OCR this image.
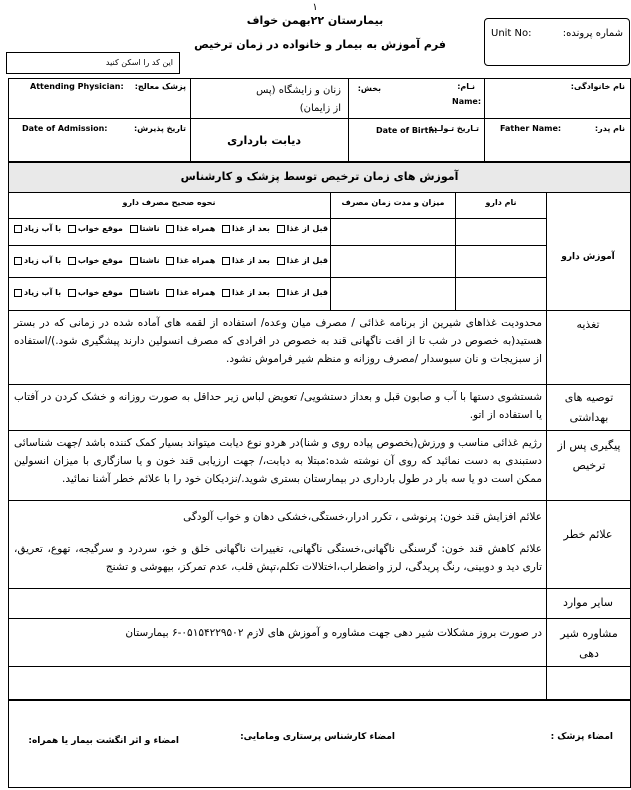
۱
بیمارستان ۲۲بهمن خواف
فرم آموزش به بیمار و خانواده در زمان ترخیص
Unit No:	شماره پرونده:
این کد را اسکن کنید
نام خانوادگی:
نـام:
Name:
بخش:
زنان و زایشگاه (پس از زایمان)
پزشک معالج:
Attending Physician:
نام پدر:
Father Name:
تـاریخ تـولـد:
Date of Birth:
دیابت بارداری
تاریخ پذیرش:
Date of Admission:
آموزش های زمان ترخیص توسط پزشک و کارشناس
آموزش دارو
نام دارو
میزان و مدت زمان مصرف
نحوه صحیح مصرف دارو
قبل از غذا
بعد از غذا
همراه غذا
ناشتا
موقع خواب
با آب زیاد
قبل از غذا
بعد از غذا
همراه غذا
ناشتا
موقع خواب
با آب زیاد
قبل از غذا
بعد از غذا
همراه غذا
ناشتا
موقع خواب
با آب زیاد
تغذیه
محدودیت غذاهای شیرین از برنامه غذائی / مصرف میان وعده/ استفاده از لقمه های آماده شده در زمانی که در بستر هستید(به خصوص در شب تا از افت ناگهانی قند به خصوص در افرادی که مصرف انسولین دارند پیشگیری شود.)/استفاده از سبزیجات و نان سبوسدار /مصرف روزانه و منظم شیر فراموش نشود.
توصیه های بهداشتی
شستشوی دستها با آب و صابون قبل و بعداز دستشویی/ تعویض لباس زیر حداقل به صورت روزانه و خشک کردن در آفتاب یا استفاده از اتو.
پیگیری پس از ترخیص
رژیم غذائی مناسب و ورزش(بخصوص پیاده روی و شنا)در هردو نوع دیابت میتواند بسیار کمک کننده باشد /جهت شناسائی دستبندی به دست نمائید که روی آن نوشته شده:مبتلا به دیابت،/ جهت ارزیابی قند خون و یا سازگاری با میزان انسولین ممکن است دو یا سه بار در طول بارداری در بیمارستان بستری شوید./نزدیکان خود را با علائم خطر آشنا نمائید.
علائم خطر
علائم افزایش قند خون: پرنوشی ، تکرر ادرار،خستگی،خشکی دهان و خواب آلودگی
علائم کاهش قند خون: گرسنگی ناگهانی،خستگی ناگهانی، تغییرات ناگهانی خلق و خو، سردرد و سرگیجه، تهوع، تعریق، تاری دید و دوبینی، رنگ پریدگی، لرز واضطراب،اختلالات تکلم،تپش قلب، عدم تمرکز، بیهوشی و تشنج
سایر موارد
مشاوره شیر دهی
در صورت بروز مشکلات شیر دهی جهت مشاوره و آموزش های لازم ۰۵۱۵۴۲۲۹۵۰۲-۶ بیمارستان
امضاء پزشک :
امضاء کارشناس پرستاری ومامایی:
امضاء و اثر انگشت بیمار یا همراه:
